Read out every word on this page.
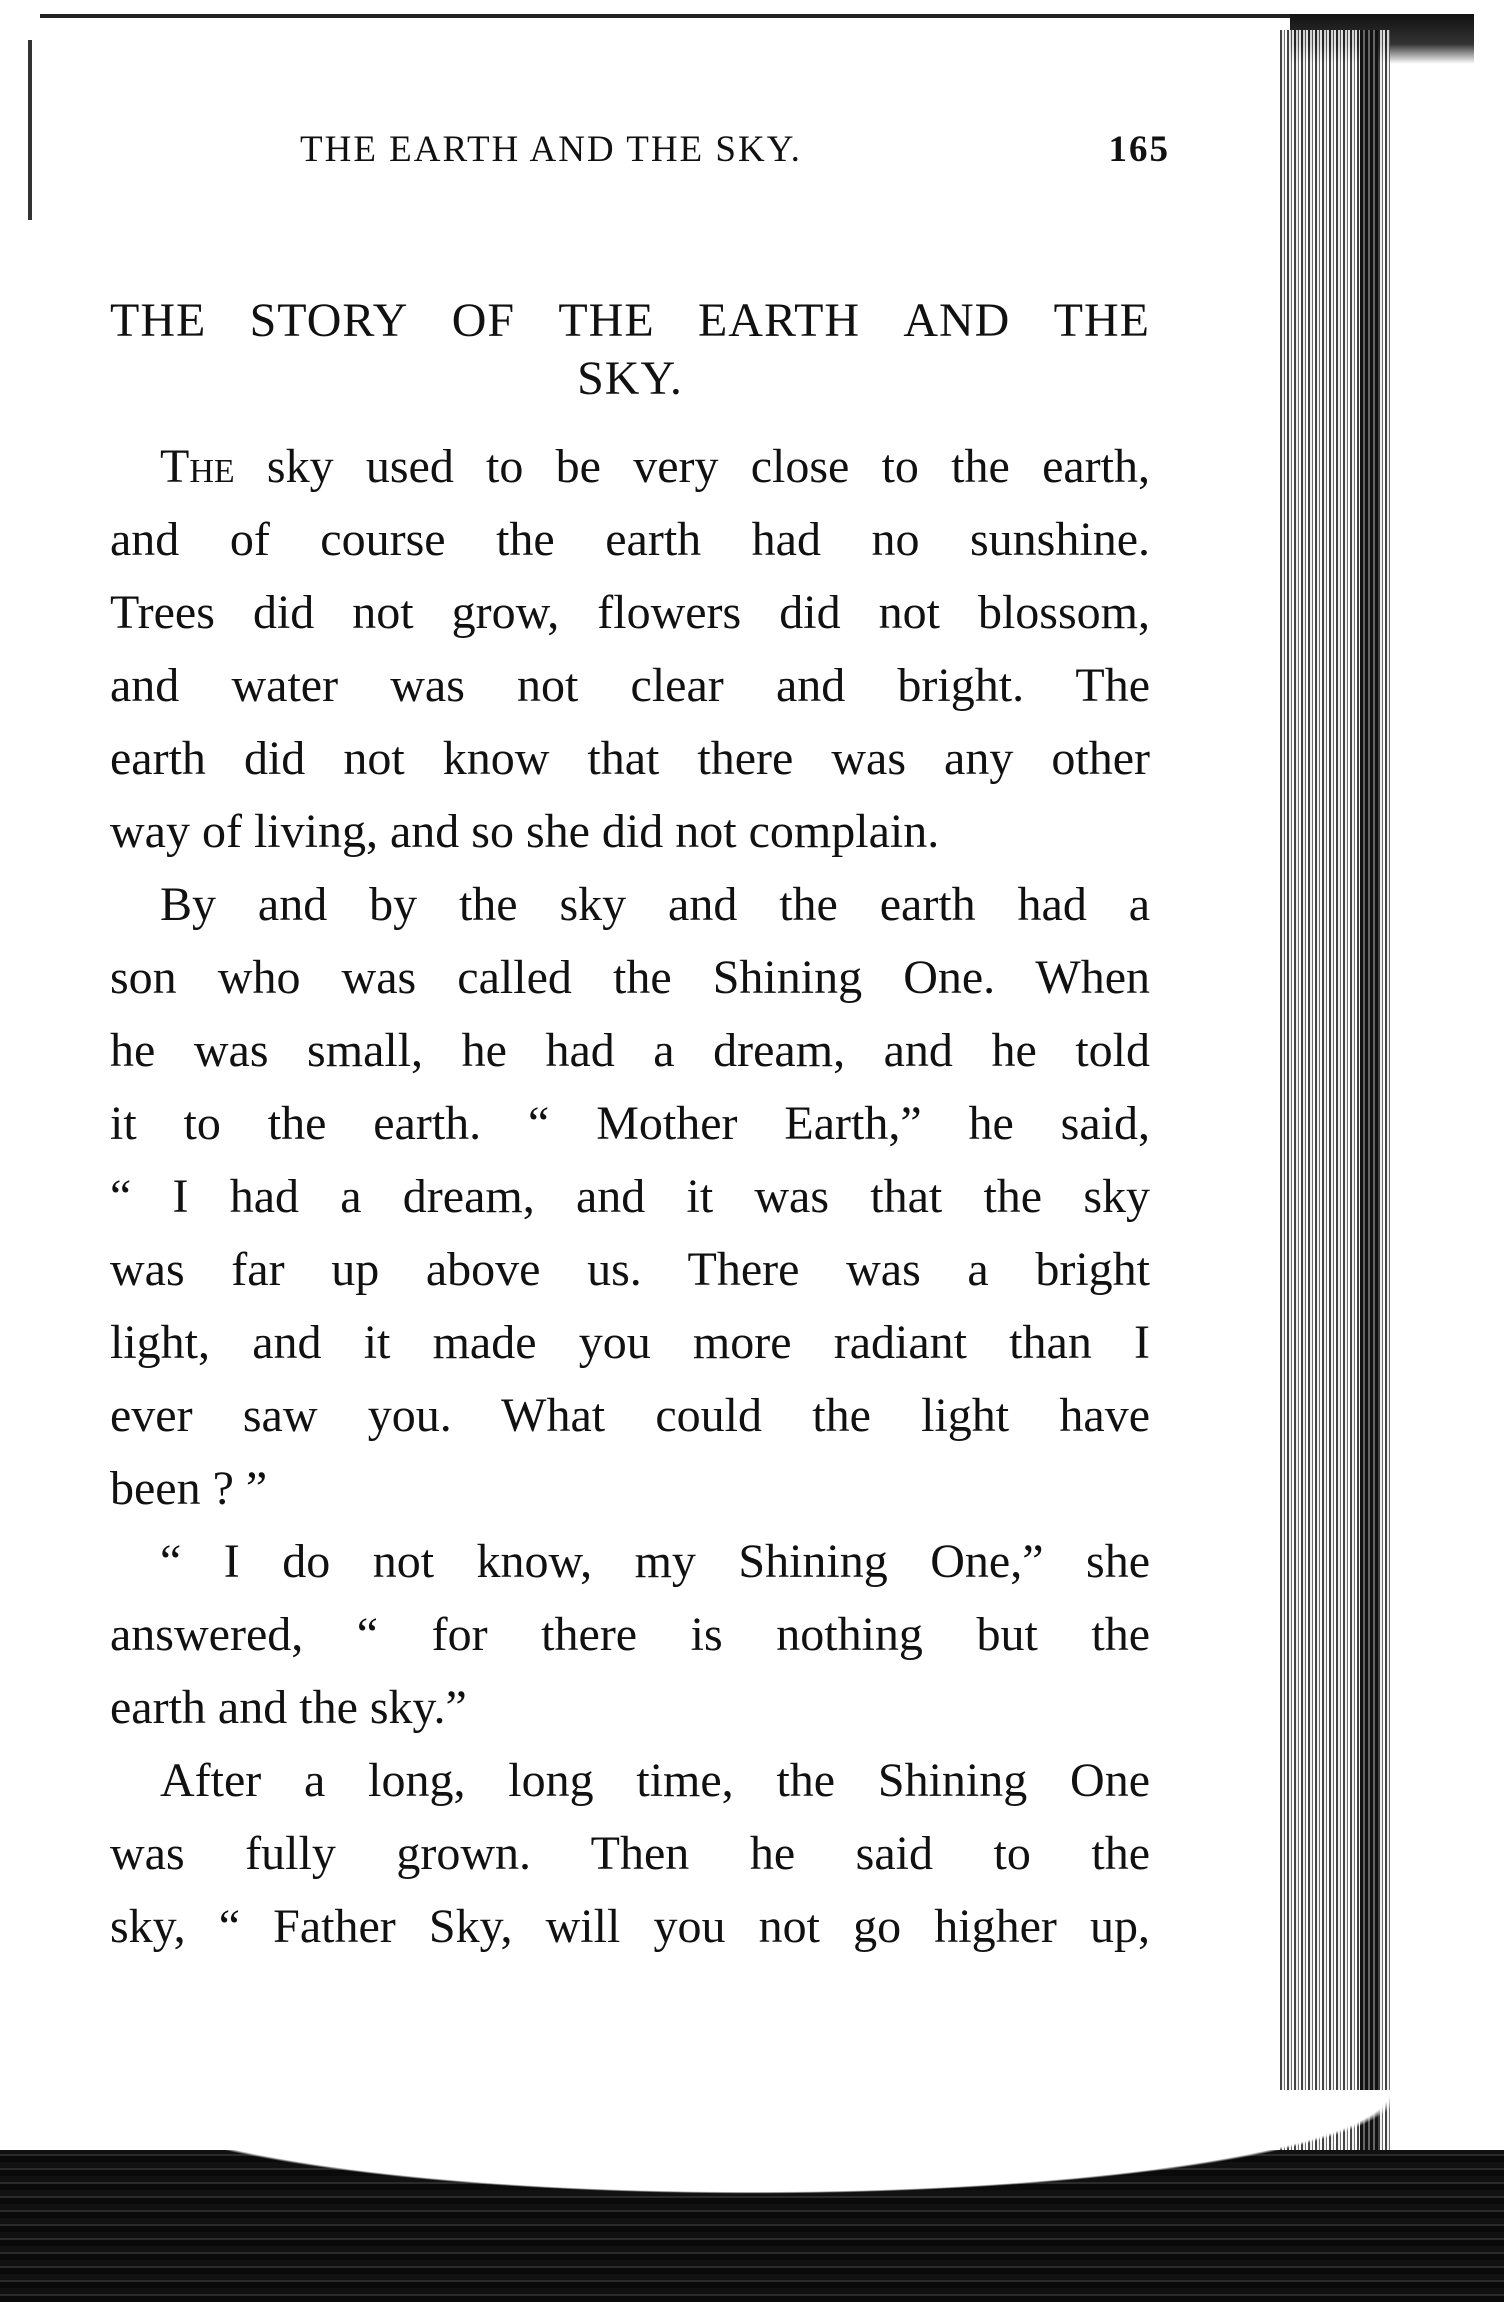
THE EARTH AND THE SKY.	165
THE STORY OF THE EARTH AND THE
SKY.
The sky used to be very close to the earth,
and of course the earth had no sunshine.
Trees did not grow, flowers did not blossom,
and water was not clear and bright. The
earth did not know that there was any other
way of living, and so she did not complain.
By and by the sky and the earth had a
son who was called the Shining One. When
he was small, he had a dream, and he told
it to the earth. “ Mother Earth,” he said,
“ I had a dream, and it was that the sky
was far up above us. There was a bright
light, and it made you more radiant than I
ever saw you. What could the light have
been ? ”
“ I do not know, my Shining One,” she
answered, “ for there is nothing but the
earth and the sky.”
After a long, long time, the Shining One
was fully grown. Then he said to the
sky, “ Father Sky, will you not go higher up,
